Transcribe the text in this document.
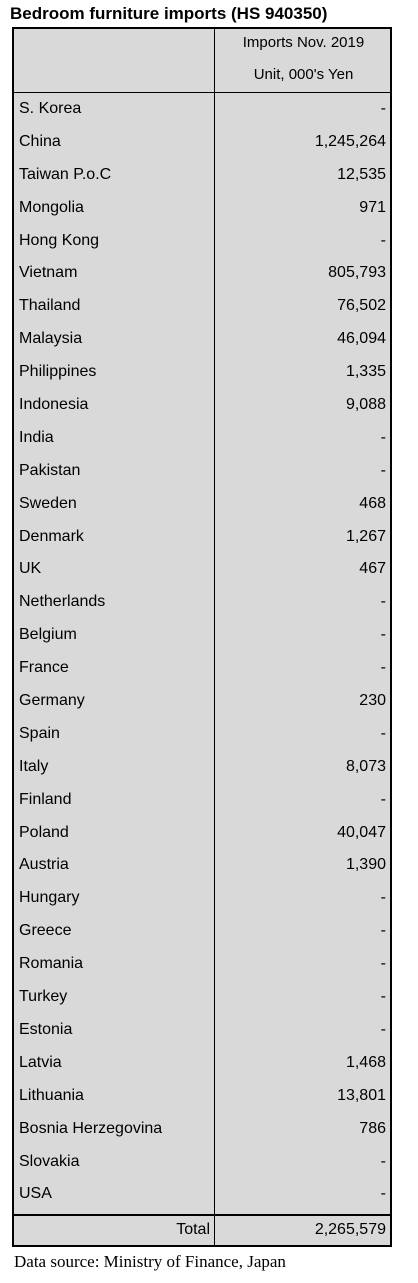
Bedroom furniture imports (HS 940350)
Imports Nov. 2019
Unit, 000's Yen
S. Korea	-
China	1,245,264
Taiwan P.o.C	12,535
Mongolia	971
Hong Kong	-
Vietnam	805,793
Thailand	76,502
Malaysia	46,094
Philippines	1,335
Indonesia	9,088
India	-
Pakistan	-
Sweden	468
Denmark	1,267
UK	467
Netherlands	-
Belgium	-
France	-
Germany	230
Spain	-
Italy	8,073
Finland	-
Poland	40,047
Austria	1,390
Hungary	-
Greece	-
Romania	-
Turkey	-
Estonia	-
Latvia	1,468
Lithuania	13,801
Bosnia Herzegovina	786
Slovakia	-
USA	-
Total	2,265,579
Data source: Ministry of Finance, Japan
